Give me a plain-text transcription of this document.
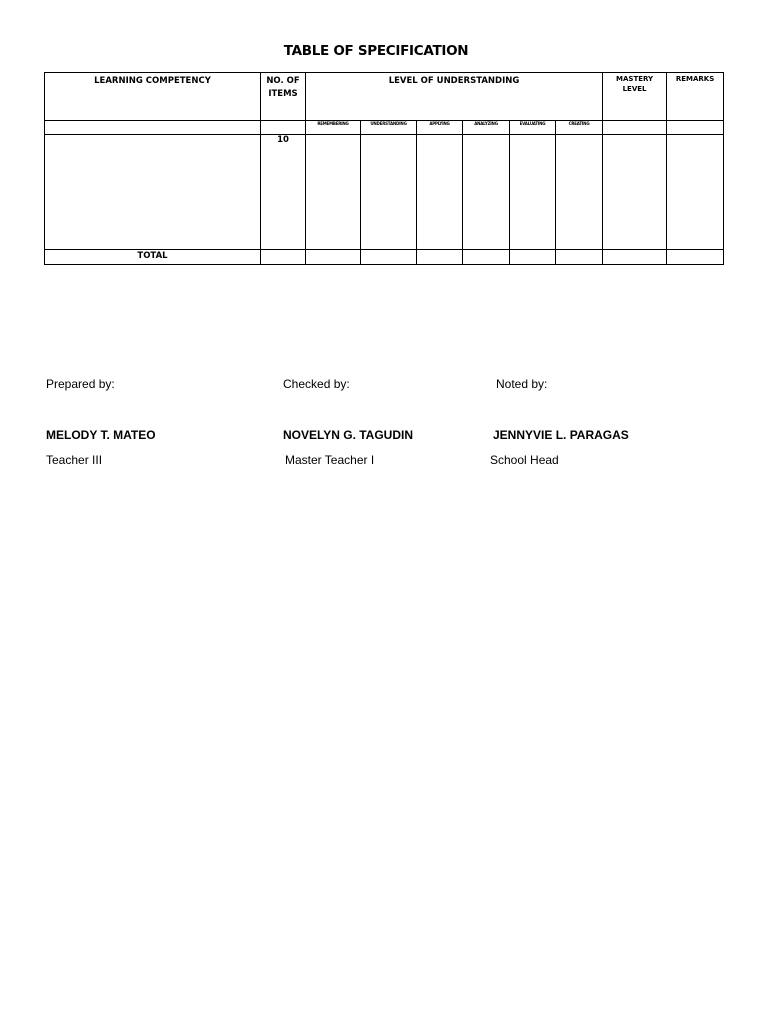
TABLE OF SPECIFICATION
LEARNING COMPETENCY	NO. OF ITEMS	LEVEL OF UNDERSTANDING						MASTERY LEVEL	REMARKS
		REMEMBERING	UNDERSTANDING	APPLYING	ANALYZING	EVALUATING	CREATING		
	10								
TOTAL									
Prepared by:	Checked by:	Noted by:
MELODY T. MATEO	NOVELYN G. TAGUDIN	JENNYVIE L. PARAGAS
Teacher III	Master Teacher I	School Head
